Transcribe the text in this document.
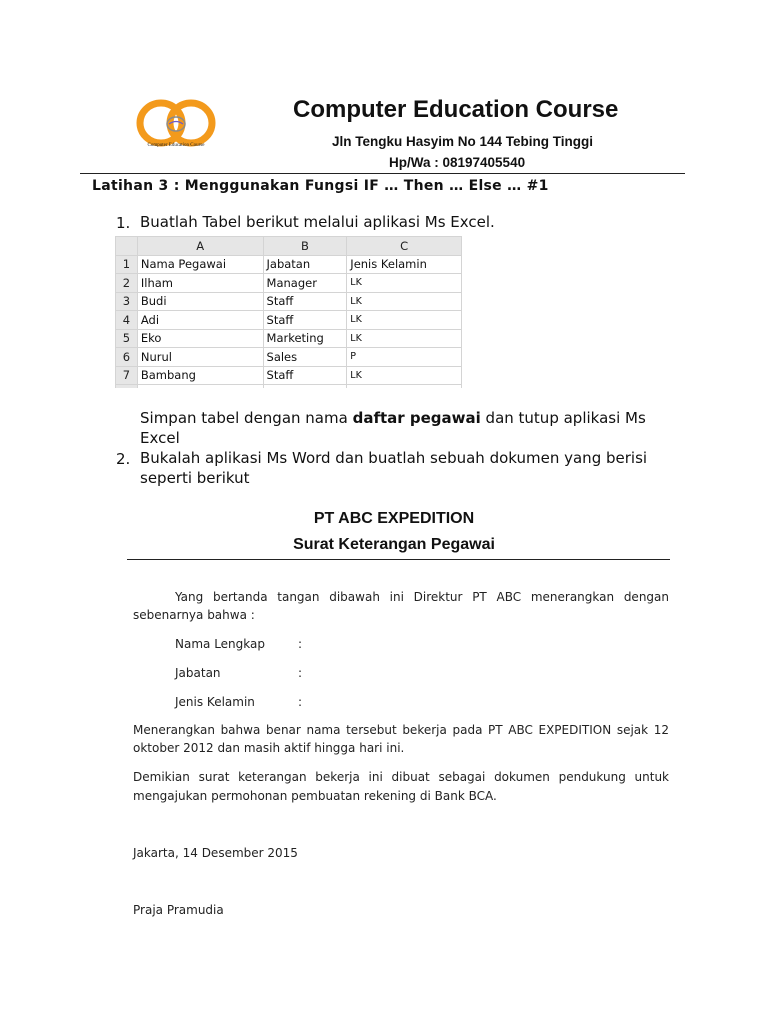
Computer Education Course
Computer Education Course
Jln Tengku Hasyim No 144 Tebing Tinggi
Hp/Wa : 08197405540
Latihan 3 : Menggunakan Fungsi IF … Then … Else … #1
1. Buatlah Tabel berikut melalui aplikasi Ms Excel.
	A	B	C
1	Nama Pegawai	Jabatan	Jenis Kelamin
2	Ilham	Manager	LK
3	Budi	Staff	LK
4	Adi	Staff	LK
5	Eko	Marketing	LK
6	Nurul	Sales	P
7	Bambang	Staff	LK

Simpan tabel dengan nama daftar pegawai dan tutup aplikasi Ms
Excel
2. Bukalah aplikasi Ms Word dan buatlah sebuah dokumen yang berisi
seperti berikut
PT ABC EXPEDITION
Surat Keterangan Pegawai
Yang bertanda tangan dibawah ini Direktur PT ABC menerangkan dengan
sebenarnya bahwa :
Nama Lengkap	:
Jabatan	:
Jenis Kelamin	:
Menerangkan bahwa benar nama tersebut bekerja pada PT ABC EXPEDITION sejak 12
oktober 2012 dan masih aktif hingga hari ini.
Demikian surat keterangan bekerja ini dibuat sebagai dokumen pendukung untuk
mengajukan permohonan pembuatan rekening di Bank BCA.
Jakarta, 14 Desember 2015
Praja Pramudia
